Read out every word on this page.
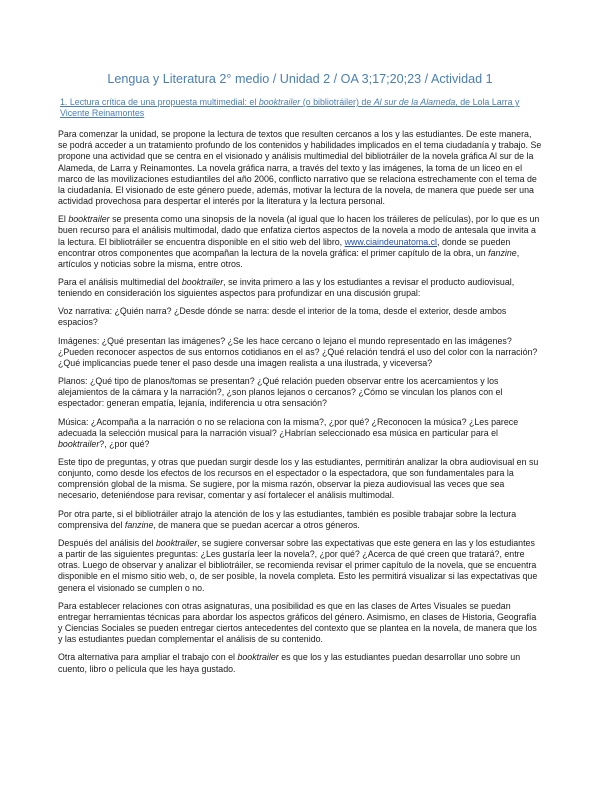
Lengua y Literatura 2° medio / Unidad 2 / OA 3;17;20;23 / Actividad 1
1. Lectura crítica de una propuesta multimedial: el booktrailer (o bibliotráiler) de Al sur de la Alameda, de Lola Larra y Vicente Reinamontes

Para comenzar la unidad, se propone la lectura de textos que resulten cercanos a los y las estudiantes. De este manera, se podrá acceder a un tratamiento profundo de los contenidos y habilidades implicados en el tema ciudadanía y trabajo. Se propone una actividad que se centra en el visionado y análisis multimedial del bibliotráiler de la novela gráfica Al sur de la Alameda, de Larra y Reinamontes. La novela gráfica narra, a través del texto y las imágenes, la toma de un liceo en el marco de las movilizaciones estudiantiles del año 2006, conflicto narrativo que se relaciona estrechamente con el tema de la ciudadanía. El visionado de este género puede, además, motivar la lectura de la novela, de manera que puede ser una actividad provechosa para despertar el interés por la literatura y la lectura personal.

El booktrailer se presenta como una sinopsis de la novela (al igual que lo hacen los tráileres de películas), por lo que es un buen recurso para el análisis multimodal, dado que enfatiza ciertos aspectos de la novela a modo de antesala que invita a la lectura. El bibliotráiler se encuentra disponible en el sitio web del libro, www.ciaindeunatoma.cl, donde se pueden encontrar otros componentes que acompañan la lectura de la novela gráfica: el primer capítulo de la obra, un fanzine, artículos y noticias sobre la misma, entre otros.

Para el análisis multimedial del booktrailer, se invita primero a las y los estudiantes a revisar el producto audiovisual, teniendo en consideración los siguientes aspectos para profundizar en una discusión grupal:

Voz narrativa: ¿Quién narra? ¿Desde dónde se narra: desde el interior de la toma, desde el exterior, desde ambos espacios?

Imágenes: ¿Qué presentan las imágenes? ¿Se les hace cercano o lejano el mundo representado en las imágenes? ¿Pueden reconocer aspectos de sus entornos cotidianos en el as? ¿Qué relación tendrá el uso del color con la narración? ¿Qué implicancias puede tener el paso desde una imagen realista a una ilustrada, y viceversa?

Planos: ¿Qué tipo de planos/tomas se presentan? ¿Qué relación pueden observar entre los acercamientos y los alejamientos de la cámara y la narración?, ¿son planos lejanos o cercanos? ¿Cómo se vinculan los planos con el espectador: generan empatía, lejanía, indiferencia u otra sensación?

Música: ¿Acompaña a la narración o no se relaciona con la misma?, ¿por qué? ¿Reconocen la música? ¿Les parece adecuada la selección musical para la narración visual? ¿Habrían seleccionado esa música en particular para el booktrailer?, ¿por qué?

Este tipo de preguntas, y otras que puedan surgir desde los y las estudiantes, permitirán analizar la obra audiovisual en su conjunto, como desde los efectos de los recursos en el espectador o la espectadora, que son fundamentales para la comprensión global de la misma. Se sugiere, por la misma razón, observar la pieza audiovisual las veces que sea necesario, deteniéndose para revisar, comentar y así fortalecer el análisis multimodal.

Por otra parte, si el bibliotráiler atrajo la atención de los y las estudiantes, también es posible trabajar sobre la lectura comprensiva del fanzine, de manera que se puedan acercar a otros géneros.

Después del análisis del booktrailer, se sugiere conversar sobre las expectativas que este genera en las y los estudiantes a partir de las siguientes preguntas: ¿Les gustaría leer la novela?, ¿por qué? ¿Acerca de qué creen que tratará?, entre otras. Luego de observar y analizar el bibliotráiler, se recomienda revisar el primer capítulo de la novela, que se encuentra disponible en el mismo sitio web, o, de ser posible, la novela completa. Esto les permitirá visualizar si las expectativas que genera el visionado se cumplen o no.

Para establecer relaciones con otras asignaturas, una posibilidad es que en las clases de Artes Visuales se puedan entregar herramientas técnicas para abordar los aspectos gráficos del género. Asimismo, en clases de Historia, Geografía y Ciencias Sociales se pueden entregar ciertos antecedentes del contexto que se plantea en la novela, de manera que los y las estudiantes puedan complementar el análisis de su contenido.

Otra alternativa para ampliar el trabajo con el booktrailer es que los y las estudiantes puedan desarrollar uno sobre un cuento, libro o película que les haya gustado.
